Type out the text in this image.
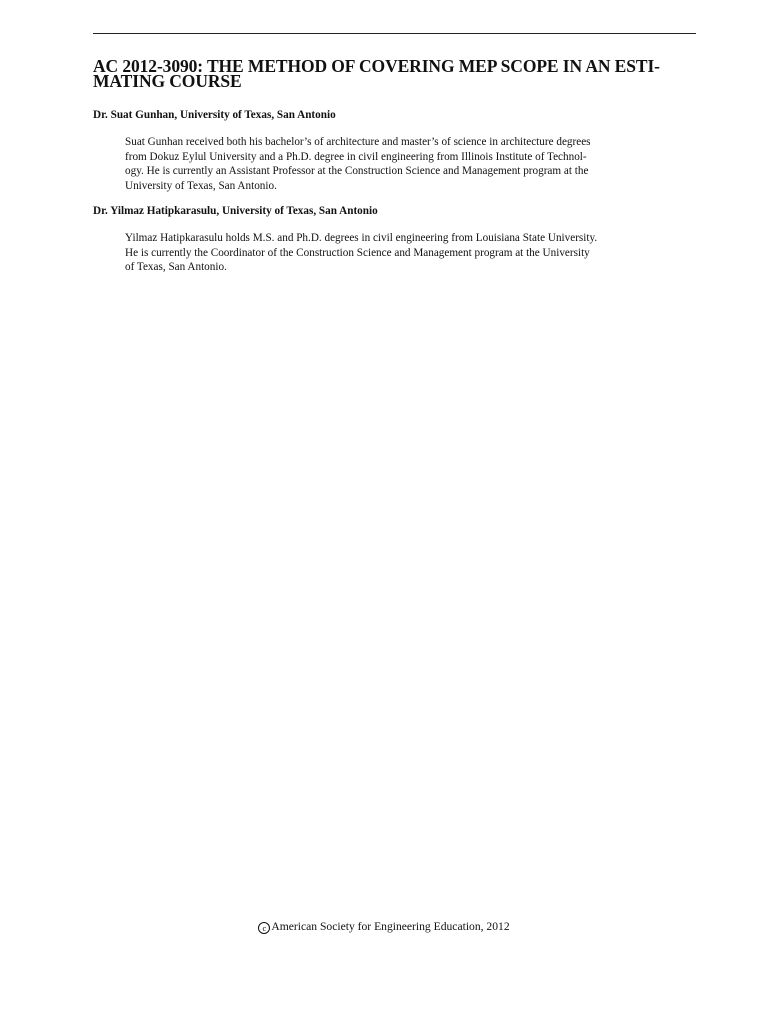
AC 2012-3090: THE METHOD OF COVERING MEP SCOPE IN AN ESTI-
MATING COURSE

Dr. Suat Gunhan, University of Texas, San Antonio

Suat Gunhan received both his bachelor’s of architecture and master’s of science in architecture degrees
from Dokuz Eylul University and a Ph.D. degree in civil engineering from Illinois Institute of Technol-
ogy. He is currently an Assistant Professor at the Construction Science and Management program at the
University of Texas, San Antonio.

Dr. Yilmaz Hatipkarasulu, University of Texas, San Antonio

Yilmaz Hatipkarasulu holds M.S. and Ph.D. degrees in civil engineering from Louisiana State University.
He is currently the Coordinator of the Construction Science and Management program at the University
of Texas, San Antonio.

c American Society for Engineering Education, 2012
